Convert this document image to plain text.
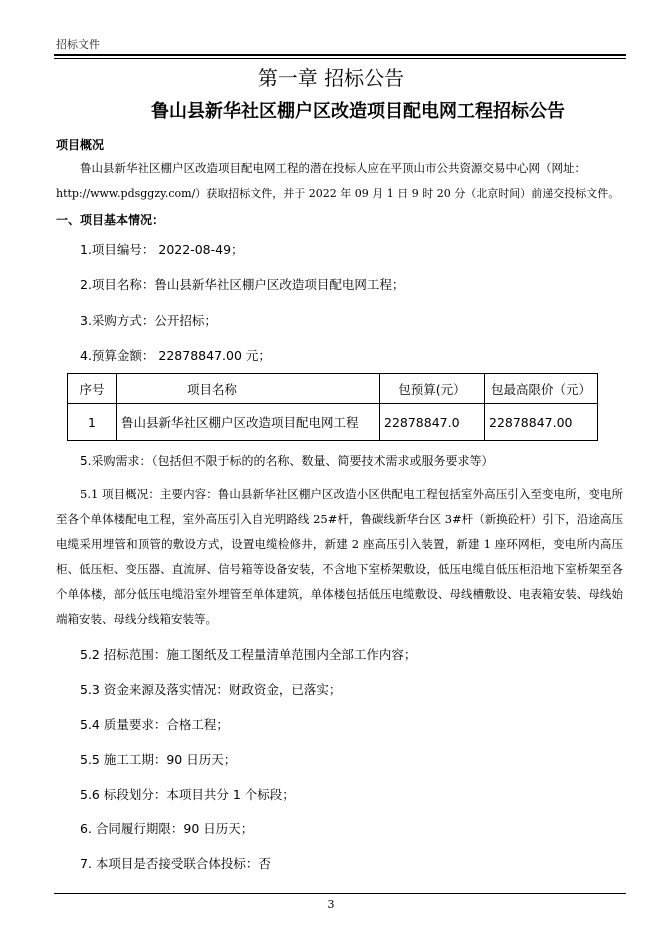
招标文件
第一章 招标公告
鲁山县新华社区棚户区改造项目配电网工程招标公告
项目概况
鲁山县新华社区棚户区改造项目配电网工程的潜在投标人应在平顶山市公共资源交易中心网（网址：
http://www.pdsggzy.com/）获取招标文件，并于 2022 年 09 月 1 日 9 时 20 分（北京时间）前递交投标文件。
一、项目基本情况：
1.项目编号： 2022-08-49；
2.项目名称：鲁山县新华社区棚户区改造项目配电网工程；
3.采购方式：公开招标；
4.预算金额： 22878847.00 元；
序号	项目名称	包预算(元）	包最高限价（元）
1	鲁山县新华社区棚户区改造项目配电网工程	22878847.0	22878847.00
5.采购需求：（包括但不限于标的的名称、数量、简要技术需求或服务要求等）
5.1 项目概况：主要内容：鲁山县新华社区棚户区改造小区供配电工程包括室外高压引入至变电所，变电所至各个单体楼配电工程，室外高压引入自光明路线 25#杆，鲁碳线新华台区 3#杆（新换砼杆）引下，沿途高压电缆采用埋管和顶管的敷设方式，设置电缆检修井，新建 2 座高压引入装置，新建 1 座环网柜，变电所内高压柜、低压柜、变压器、直流屏、信号箱等设备安装，不含地下室桥架敷设，低压电缆自低压柜沿地下室桥架至各个单体楼，部分低压电缆沿室外埋管至单体建筑，单体楼包括低压电缆敷设、母线槽敷设、电表箱安装、母线始端箱安装、母线分线箱安装等。
5.2 招标范围：施工图纸及工程量清单范围内全部工作内容；
5.3 资金来源及落实情况：财政资金，已落实；
5.4 质量要求：合格工程；
5.5 施工工期：90 日历天；
5.6 标段划分：本项目共分 1 个标段；
6. 合同履行期限：90 日历天；
7. 本项目是否接受联合体投标：否
3
